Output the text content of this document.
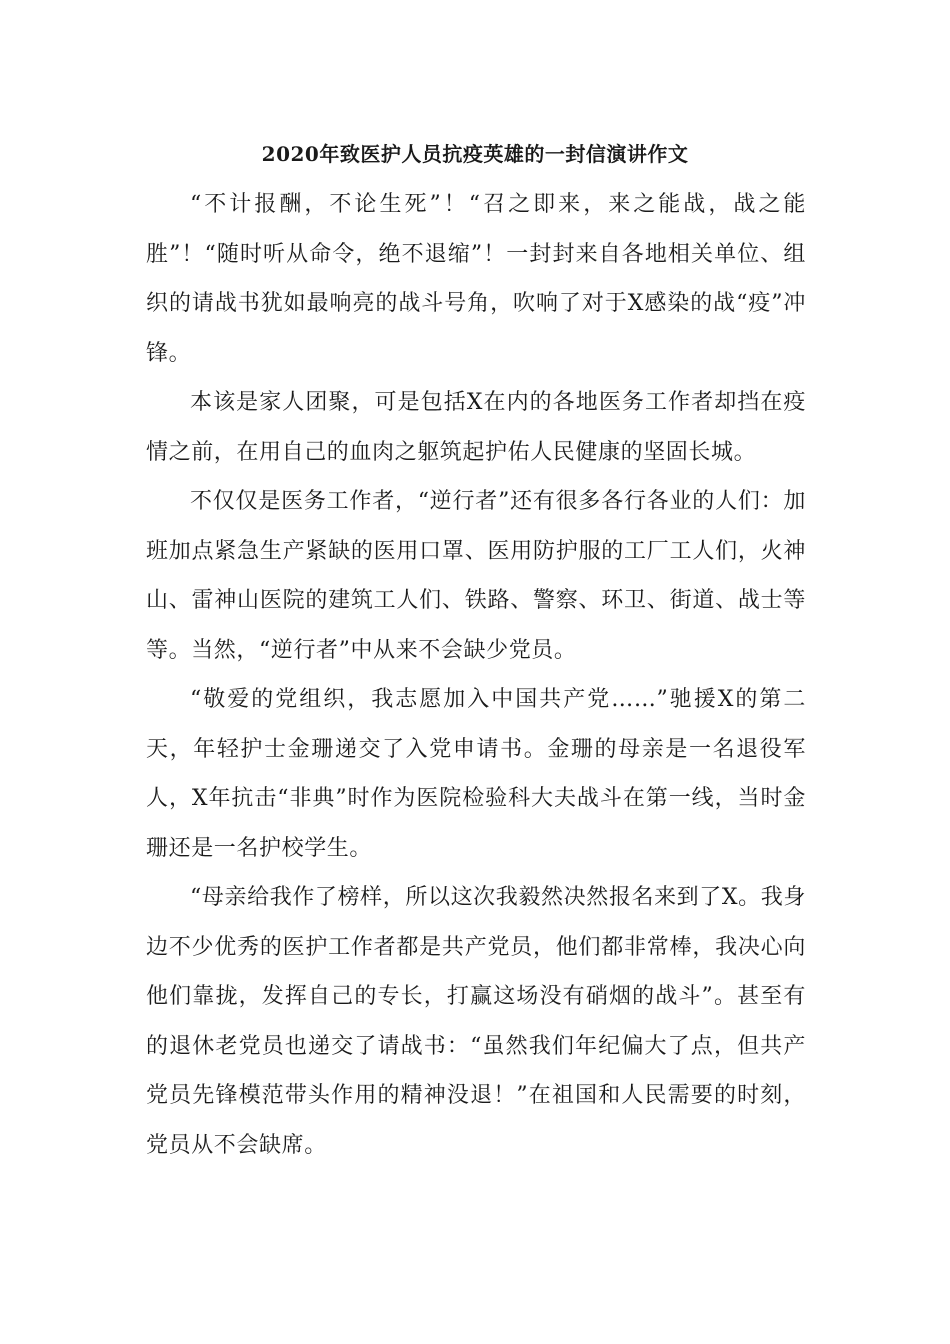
2020年致医护人员抗疫英雄的一封信演讲作文

“不计报酬，不论生死”！“召之即来，来之能战，战之能胜”！“随时听从命令，绝不退缩”！一封封来自各地相关单位、组织的请战书犹如最响亮的战斗号角，吹响了对于X感染的战“疫”冲锋。

本该是家人团聚，可是包括X在内的各地医务工作者却挡在疫情之前，在用自己的血肉之躯筑起护佑人民健康的坚固长城。

不仅仅是医务工作者，“逆行者”还有很多各行各业的人们：加班加点紧急生产紧缺的医用口罩、医用防护服的工厂工人们，火神山、雷神山医院的建筑工人们、铁路、警察、环卫、街道、战士等等。当然，“逆行者”中从来不会缺少党员。

“敬爱的党组织，我志愿加入中国共产党……”驰援X的第二天，年轻护士金珊递交了入党申请书。金珊的母亲是一名退役军人，X年抗击“非典”时作为医院检验科大夫战斗在第一线，当时金珊还是一名护校学生。

“母亲给我作了榜样，所以这次我毅然决然报名来到了X。我身边不少优秀的医护工作者都是共产党员，他们都非常棒，我决心向他们靠拢，发挥自己的专长，打赢这场没有硝烟的战斗”。甚至有的退休老党员也递交了请战书：“虽然我们年纪偏大了点，但共产党员先锋模范带头作用的精神没退！”在祖国和人民需要的时刻，党员从不会缺席。
